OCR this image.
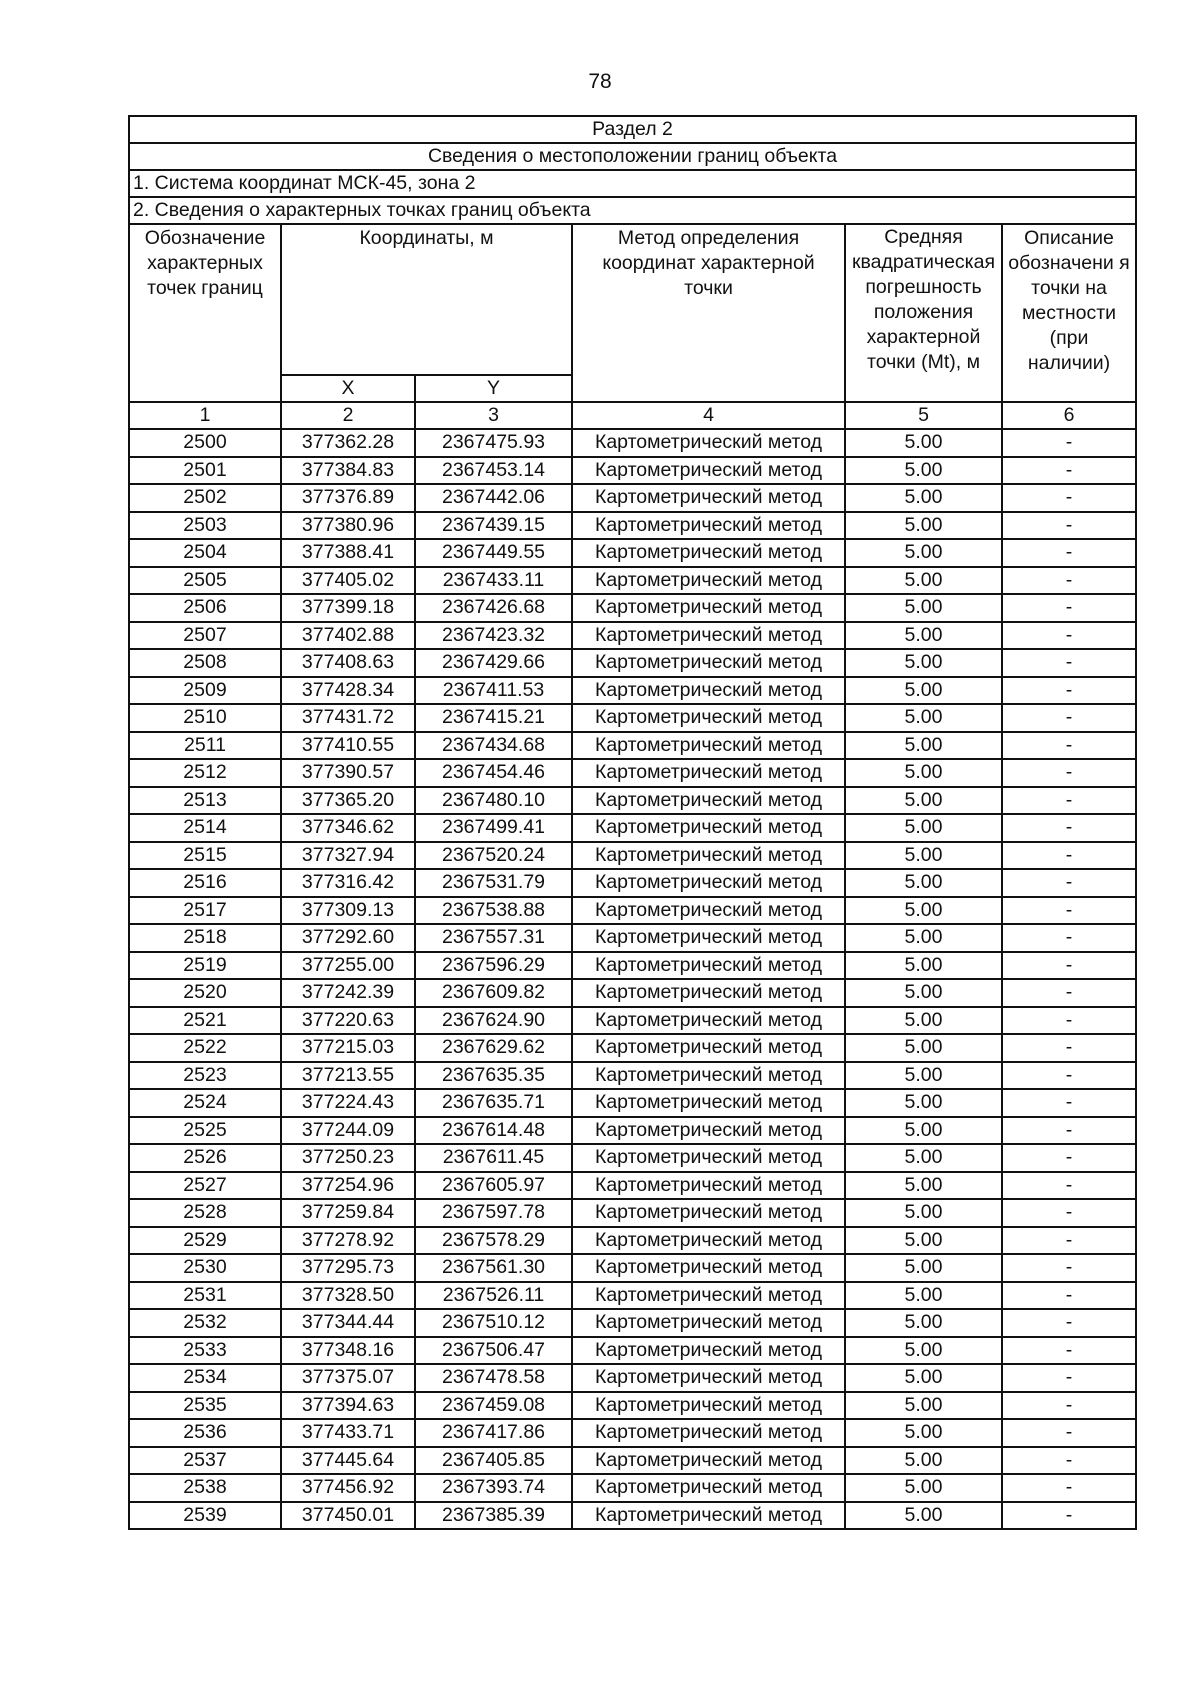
78
Раздел 2					
Сведения о местоположении границ объекта					
1. Система координат МСК-45, зона 2					
2. Сведения о характерных точках границ объекта					
Обозначение характерных точек границ	Координаты, м		Метод определения координат характерной точки	Средняя квадратическая погрешность положения характерной точки (Mt), м	Описание обозначени я точки на местности (при наличии)
	X	Y			
1	2	3	4	5	6
2500	377362.28	2367475.93	Картометрический метод	5.00	-
2501	377384.83	2367453.14	Картометрический метод	5.00	-
2502	377376.89	2367442.06	Картометрический метод	5.00	-
2503	377380.96	2367439.15	Картометрический метод	5.00	-
2504	377388.41	2367449.55	Картометрический метод	5.00	-
2505	377405.02	2367433.11	Картометрический метод	5.00	-
2506	377399.18	2367426.68	Картометрический метод	5.00	-
2507	377402.88	2367423.32	Картометрический метод	5.00	-
2508	377408.63	2367429.66	Картометрический метод	5.00	-
2509	377428.34	2367411.53	Картометрический метод	5.00	-
2510	377431.72	2367415.21	Картометрический метод	5.00	-
2511	377410.55	2367434.68	Картометрический метод	5.00	-
2512	377390.57	2367454.46	Картометрический метод	5.00	-
2513	377365.20	2367480.10	Картометрический метод	5.00	-
2514	377346.62	2367499.41	Картометрический метод	5.00	-
2515	377327.94	2367520.24	Картометрический метод	5.00	-
2516	377316.42	2367531.79	Картометрический метод	5.00	-
2517	377309.13	2367538.88	Картометрический метод	5.00	-
2518	377292.60	2367557.31	Картометрический метод	5.00	-
2519	377255.00	2367596.29	Картометрический метод	5.00	-
2520	377242.39	2367609.82	Картометрический метод	5.00	-
2521	377220.63	2367624.90	Картометрический метод	5.00	-
2522	377215.03	2367629.62	Картометрический метод	5.00	-
2523	377213.55	2367635.35	Картометрический метод	5.00	-
2524	377224.43	2367635.71	Картометрический метод	5.00	-
2525	377244.09	2367614.48	Картометрический метод	5.00	-
2526	377250.23	2367611.45	Картометрический метод	5.00	-
2527	377254.96	2367605.97	Картометрический метод	5.00	-
2528	377259.84	2367597.78	Картометрический метод	5.00	-
2529	377278.92	2367578.29	Картометрический метод	5.00	-
2530	377295.73	2367561.30	Картометрический метод	5.00	-
2531	377328.50	2367526.11	Картометрический метод	5.00	-
2532	377344.44	2367510.12	Картометрический метод	5.00	-
2533	377348.16	2367506.47	Картометрический метод	5.00	-
2534	377375.07	2367478.58	Картометрический метод	5.00	-
2535	377394.63	2367459.08	Картометрический метод	5.00	-
2536	377433.71	2367417.86	Картометрический метод	5.00	-
2537	377445.64	2367405.85	Картометрический метод	5.00	-
2538	377456.92	2367393.74	Картометрический метод	5.00	-
2539	377450.01	2367385.39	Картометрический метод	5.00	-
